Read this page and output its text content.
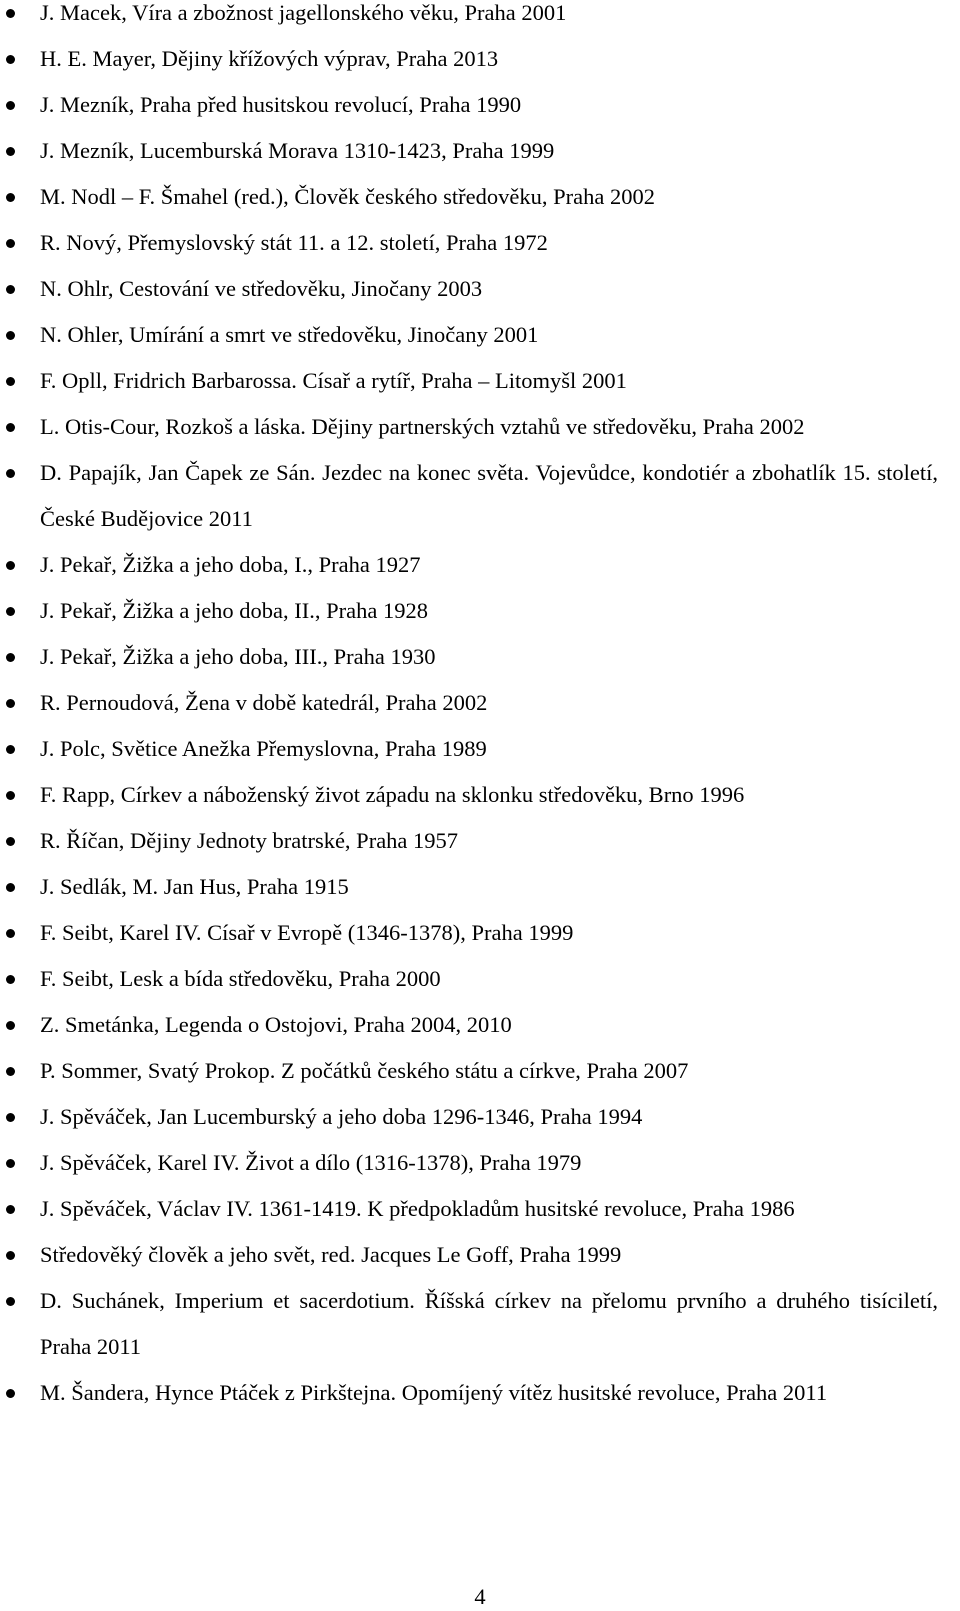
J. Macek, Víra a zbožnost jagellonského věku, Praha 2001
H. E. Mayer, Dějiny křížových výprav, Praha 2013
J. Mezník, Praha před husitskou revolucí, Praha 1990
J. Mezník, Lucemburská Morava 1310-1423, Praha 1999
M. Nodl – F. Šmahel (red.), Člověk českého středověku, Praha 2002
R. Nový, Přemyslovský stát 11. a 12. století, Praha 1972
N. Ohlr, Cestování ve středověku, Jinočany 2003
N. Ohler, Umírání a smrt ve středověku, Jinočany 2001
F. Opll, Fridrich Barbarossa. Císař a rytíř, Praha – Litomyšl 2001
L. Otis-Cour, Rozkoš a láska. Dějiny partnerských vztahů ve středověku, Praha 2002
D. Papajík, Jan Čapek ze Sán. Jezdec na konec světa. Vojevůdce, kondotiér a zbohatlík 15. století, České Budějovice 2011
J. Pekař, Žižka a jeho doba, I., Praha 1927
J. Pekař, Žižka a jeho doba, II., Praha 1928
J. Pekař, Žižka a jeho doba, III., Praha 1930
R. Pernoudová, Žena v době katedrál, Praha 2002
J. Polc, Světice Anežka Přemyslovna, Praha 1989
F. Rapp, Církev a náboženský život západu na sklonku středověku, Brno 1996
R. Říčan, Dějiny Jednoty bratrské, Praha 1957
J. Sedlák, M. Jan Hus, Praha 1915
F. Seibt, Karel IV. Císař v Evropě (1346-1378), Praha 1999
F. Seibt, Lesk a bída středověku, Praha 2000
Z. Smetánka, Legenda o Ostojovi, Praha 2004, 2010
P. Sommer, Svatý Prokop. Z počátků českého státu a církve, Praha 2007
J. Spěváček, Jan Lucemburský a jeho doba 1296-1346, Praha 1994
J. Spěváček, Karel IV. Život a dílo (1316-1378), Praha 1979
J. Spěváček, Václav IV. 1361-1419. K předpokladům husitské revoluce, Praha 1986
Středověký člověk a jeho svět, red. Jacques Le Goff, Praha 1999
D. Suchánek, Imperium et sacerdotium. Říšská církev na přelomu prvního a druhého tisíciletí, Praha 2011
M. Šandera, Hynce Ptáček z Pirkštejna. Opomíjený vítěz husitské revoluce, Praha 2011
4
